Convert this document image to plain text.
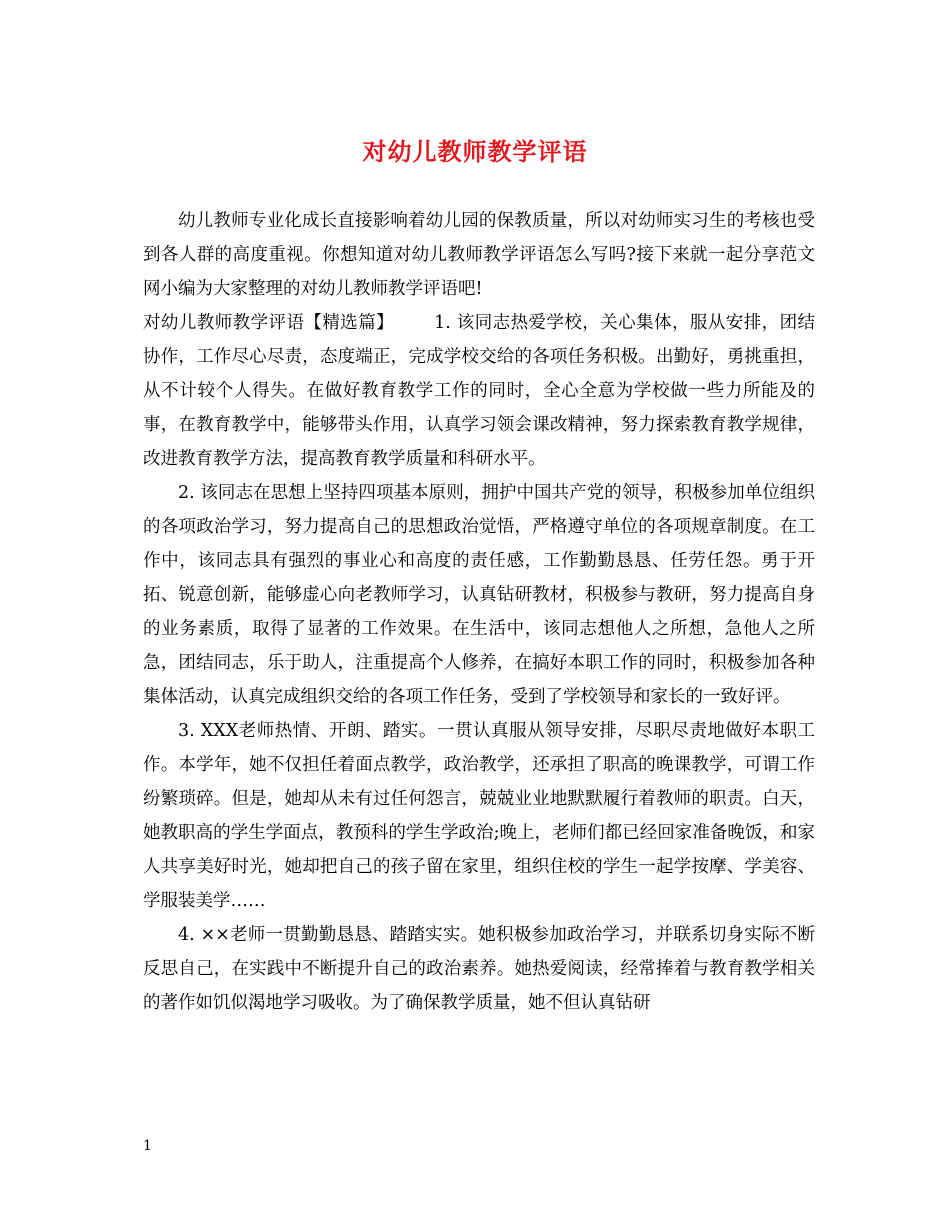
对幼儿教师教学评语

幼儿教师专业化成长直接影响着幼儿园的保教质量，所以对幼师实习生的考核也受到各人群的高度重视。你想知道对幼儿教师教学评语怎么写吗?接下来就一起分享范文网小编为大家整理的对幼儿教师教学评语吧!

对幼儿教师教学评语【精选篇】 1. 该同志热爱学校，关心集体，服从安排，团结协作，工作尽心尽责，态度端正，完成学校交给的各项任务积极。出勤好，勇挑重担，从不计较个人得失。在做好教育教学工作的同时，全心全意为学校做一些力所能及的事，在教育教学中，能够带头作用，认真学习领会课改精神，努力探索教育教学规律，改进教育教学方法，提高教育教学质量和科研水平。

2. 该同志在思想上坚持四项基本原则，拥护中国共产党的领导，积极参加单位组织的各项政治学习，努力提高自己的思想政治觉悟，严格遵守单位的各项规章制度。在工作中，该同志具有强烈的事业心和高度的责任感，工作勤勤恳恳、任劳任怨。勇于开拓、锐意创新，能够虚心向老教师学习，认真钻研教材，积极参与教研，努力提高自身的业务素质，取得了显著的工作效果。在生活中，该同志想他人之所想，急他人之所急，团结同志，乐于助人，注重提高个人修养，在搞好本职工作的同时，积极参加各种集体活动，认真完成组织交给的各项工作任务，受到了学校领导和家长的一致好评。

3. XXX老师热情、开朗、踏实。一贯认真服从领导安排，尽职尽责地做好本职工作。本学年，她不仅担任着面点教学，政治教学，还承担了职高的晚课教学，可谓工作纷繁琐碎。但是，她却从未有过任何怨言，兢兢业业地默默履行着教师的职责。白天，她教职高的学生学面点，教预科的学生学政治;晚上，老师们都已经回家准备晚饭，和家人共享美好时光，她却把自己的孩子留在家里，组织住校的学生一起学按摩、学美容、学服装美学……

4. ××老师一贯勤勤恳恳、踏踏实实。她积极参加政治学习，并联系切身实际不断反思自己，在实践中不断提升自己的政治素养。她热爱阅读，经常捧着与教育教学相关的著作如饥似渴地学习吸收。为了确保教学质量，她不但认真钻研

1
